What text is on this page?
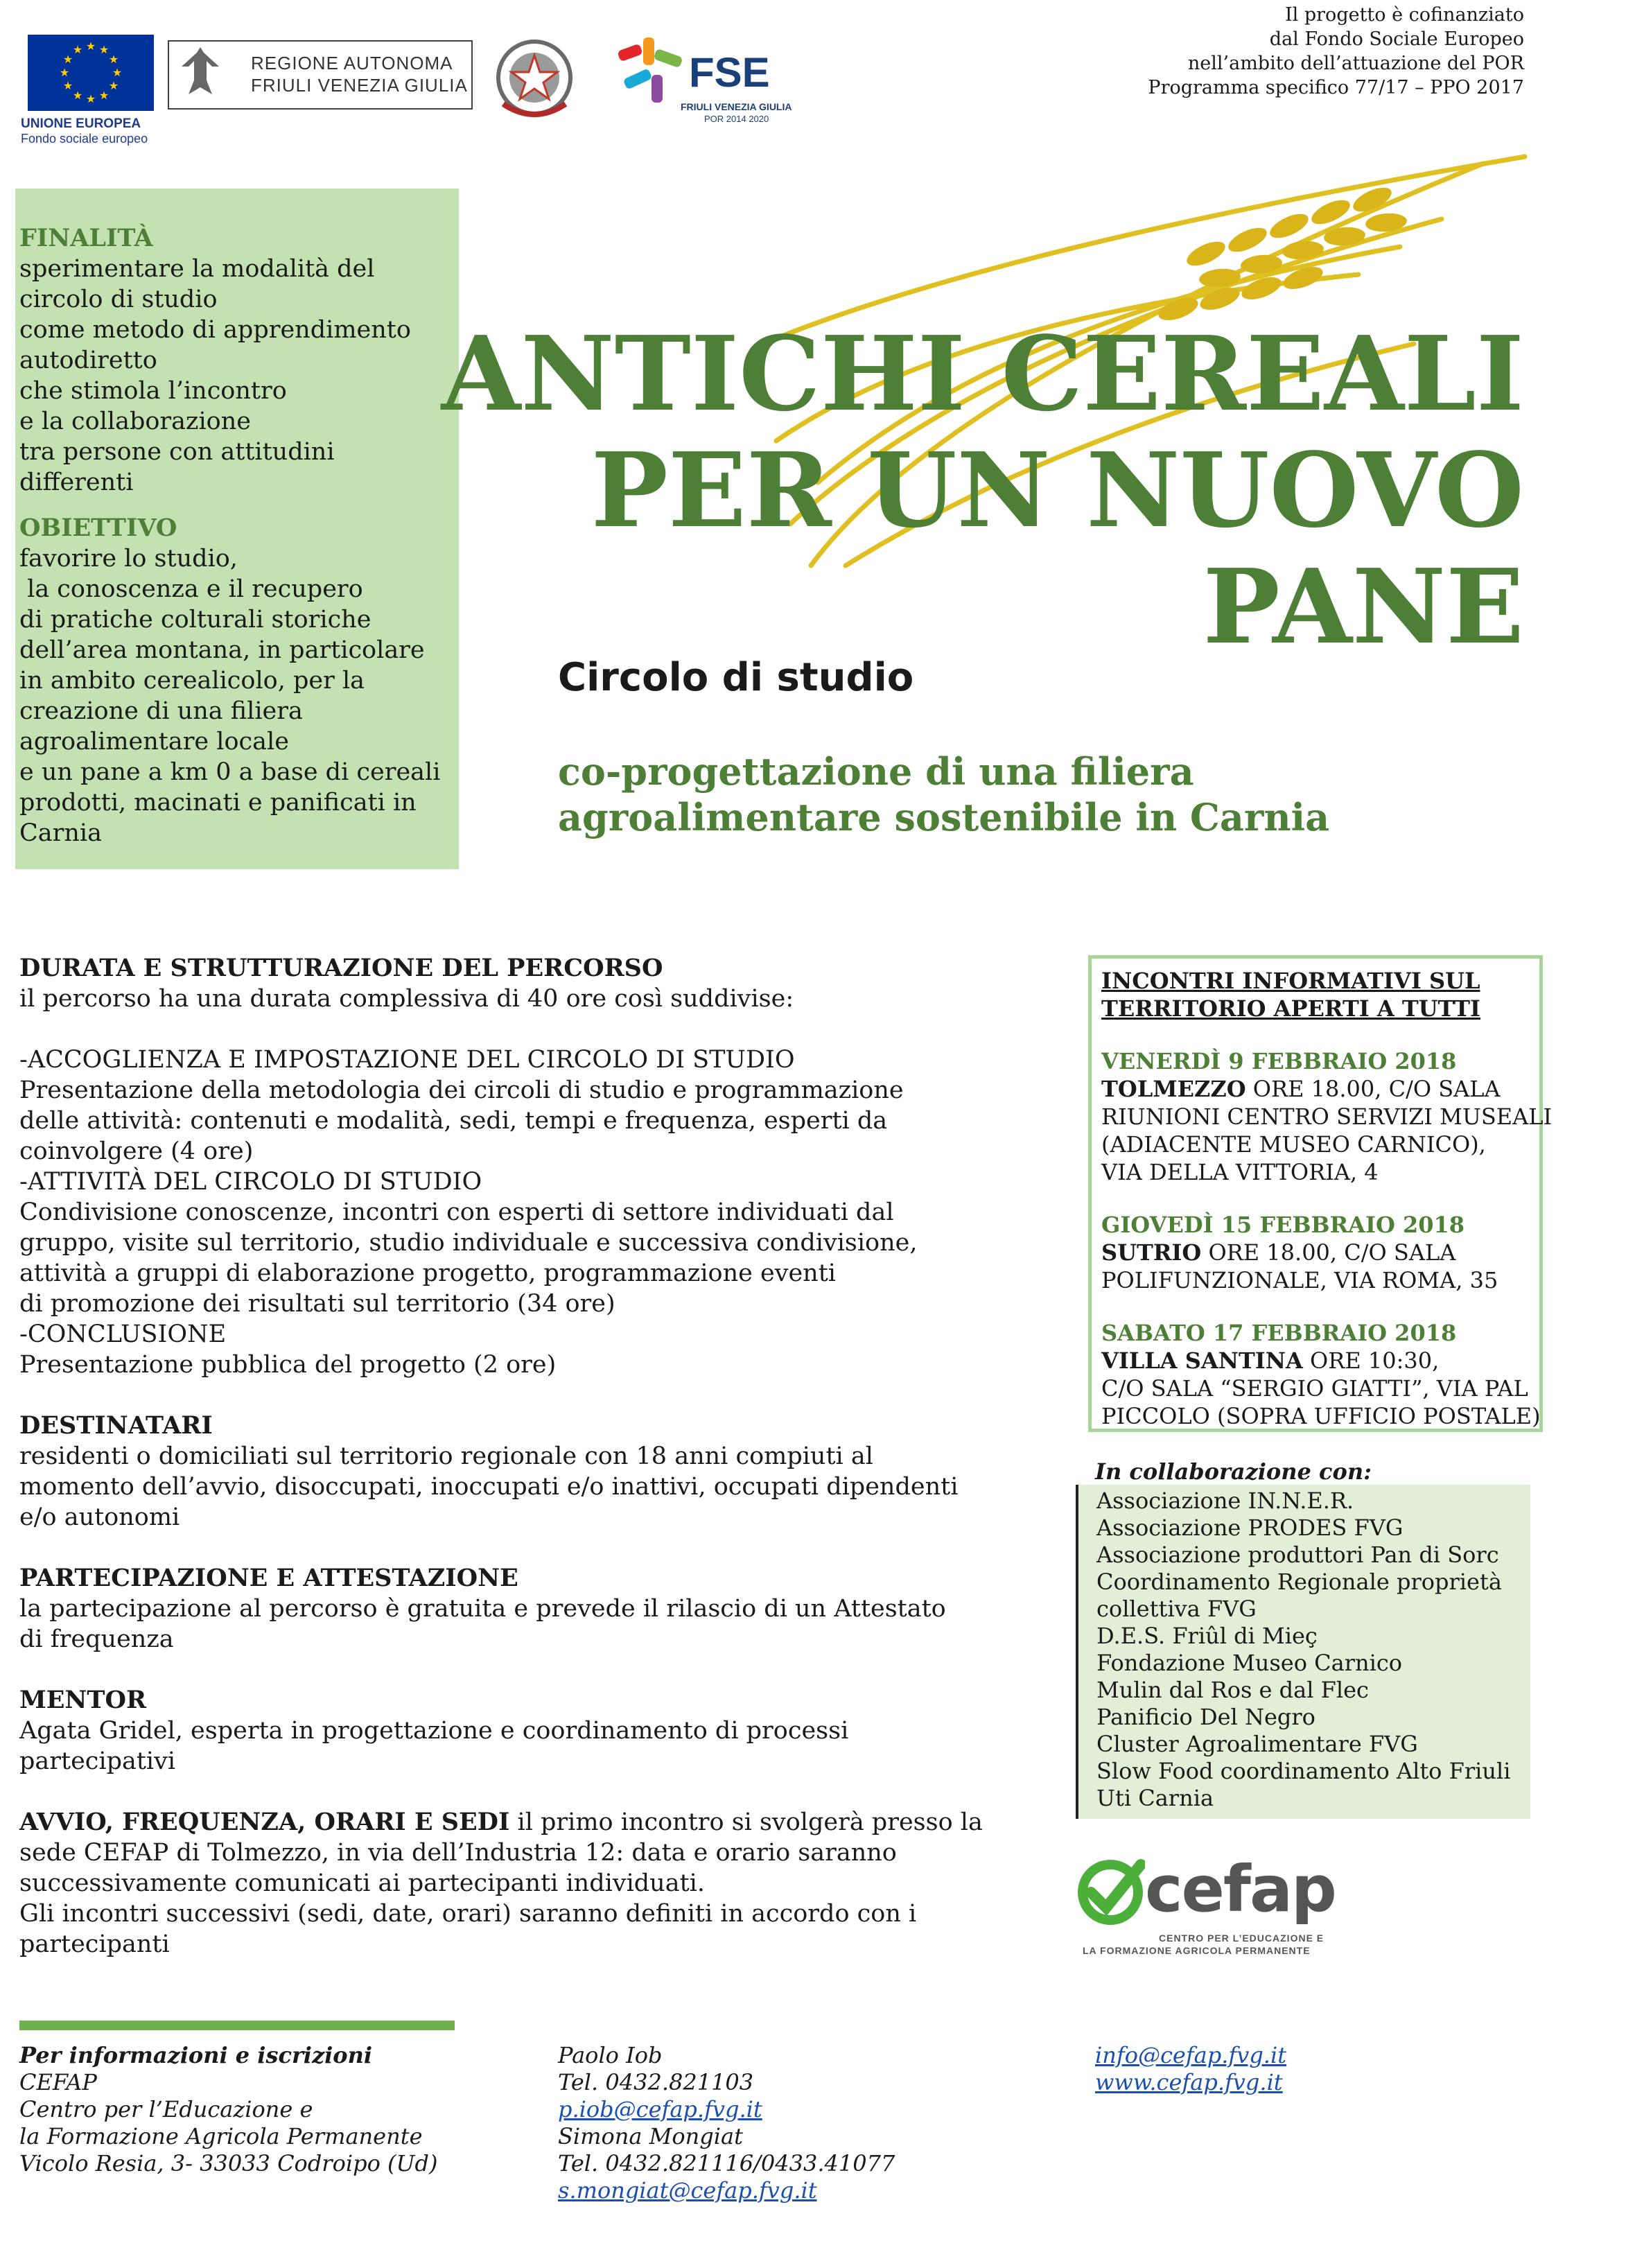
Il progetto è cofinanziato
dal Fondo Sociale Europeo
nell’ambito dell’attuazione del POR
Programma specifico 77/17 – PPO 2017
★ ★
★
★
★
★
★
★
★
★
★
★
UNIONE EUROPEA
Fondo sociale europeo
REGIONE AUTONOMA
FRIULI VENEZIA GIULIA	FSE
FRIULI VENEZIA GIULIA
POR 2014 2020
FINALITÀ
sperimentare la modalità del
circolo di studio
come metodo di apprendimento
autodiretto
che stimola l’incontro
e la collaborazione
tra persone con attitudini
differenti
OBIETTIVO
favorire lo studio,
la conoscenza e il recupero
di pratiche colturali storiche
dell’area montana, in particolare
in ambito cerealicolo, per la
creazione di una filiera
agroalimentare locale
e un pane a km 0 a base di cereali
prodotti, macinati e panificati in
Carnia
ANTICHI CEREALI
PER UN NUOVO
PANE
Circolo di studio
co-progettazione di una filiera
agroalimentare sostenibile in Carnia
DURATA E STRUTTURAZIONE DEL PERCORSO
il percorso ha una durata complessiva di 40 ore così suddivise:

-ACCOGLIENZA E IMPOSTAZIONE DEL CIRCOLO DI STUDIO
Presentazione della metodologia dei circoli di studio e programmazione
delle attività: contenuti e modalità, sedi, tempi e frequenza, esperti da
coinvolgere (4 ore)
-ATTIVITÀ DEL CIRCOLO DI STUDIO
Condivisione conoscenze, incontri con esperti di settore individuati dal
gruppo, visite sul territorio, studio individuale e successiva condivisione,
attività a gruppi di elaborazione progetto, programmazione eventi
di promozione dei risultati sul territorio (34 ore)
-CONCLUSIONE
Presentazione pubblica del progetto (2 ore)
DESTINATARI
residenti o domiciliati sul territorio regionale con 18 anni compiuti al
momento dell’avvio, disoccupati, inoccupati e/o inattivi, occupati dipendenti
e/o autonomi
PARTECIPAZIONE E ATTESTAZIONE
la partecipazione al percorso è gratuita e prevede il rilascio di un Attestato
di frequenza
MENTOR
Agata Gridel, esperta in progettazione e coordinamento di processi
partecipativi
AVVIO, FREQUENZA, ORARI E SEDI il primo incontro si svolgerà presso la
sede CEFAP di Tolmezzo, in via dell’Industria 12: data e orario saranno
successivamente comunicati ai partecipanti individuati.
Gli incontri successivi (sedi, date, orari) saranno definiti in accordo con i
partecipanti
INCONTRI INFORMATIVI SUL
TERRITORIO APERTI A TUTTI
VENERDÌ 9 FEBBRAIO 2018
TOLMEZZO ORE 18.00, C/O SALA
RIUNIONI CENTRO SERVIZI MUSEALI
(ADIACENTE MUSEO CARNICO),
VIA DELLA VITTORIA, 4
GIOVEDÌ 15 FEBBRAIO 2018
SUTRIO ORE 18.00, C/O SALA
POLIFUNZIONALE, VIA ROMA, 35
SABATO 17 FEBBRAIO 2018
VILLA SANTINA ORE 10:30,
C/O SALA “SERGIO GIATTI”, VIA PAL
PICCOLO (SOPRA UFFICIO POSTALE)
In collaborazione con:
Associazione IN.N.E.R.
Associazione PRODES FVG
Associazione produttori Pan di Sorc
Coordinamento Regionale proprietà
collettiva FVG
D.E.S. Friûl di Mieç
Fondazione Museo Carnico
Mulin dal Ros e dal Flec
Panificio Del Negro
Cluster Agroalimentare FVG
Slow Food coordinamento Alto Friuli
Uti Carnia
cefap
CENTRO PER L’EDUCAZIONE E
LA FORMAZIONE AGRICOLA PERMANENTE
Per informazioni e iscrizioni
CEFAP
Centro per l’Educazione e
la Formazione Agricola Permanente
Vicolo Resia, 3- 33033 Codroipo (Ud)
Paolo Iob
Tel. 0432.821103
p.iob@cefap.fvg.it
Simona Mongiat
Tel. 0432.821116/0433.41077
s.mongiat@cefap.fvg.it
info@cefap.fvg.it
www.cefap.fvg.it
